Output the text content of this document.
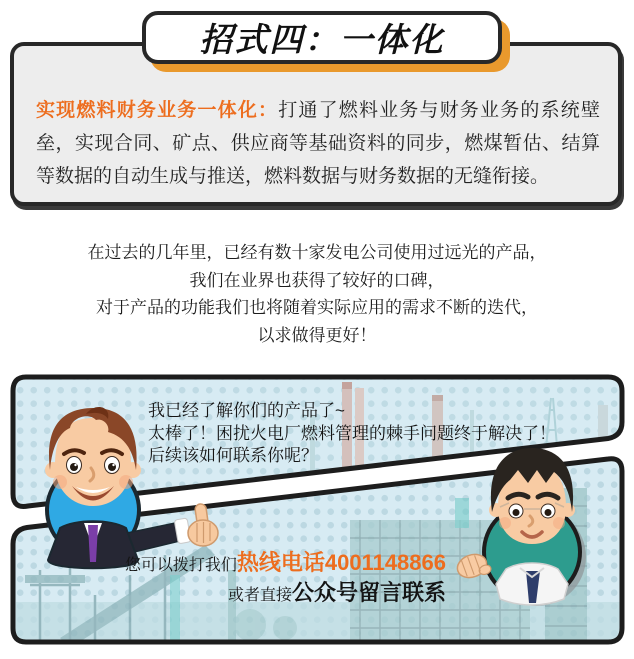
实现燃料财务业务一体化：打通了燃料业务与财务业务的系统壁垒，实现合同、矿点、供应商等基础资料的同步，燃煤暂估、结算等数据的自动生成与推送，燃料数据与财务数据的无缝衔接。
招式四：一体化
在过去的几年里，已经有数十家发电公司使用过远光的产品，
我们在业界也获得了较好的口碑，
对于产品的功能我们也将随着实际应用的需求不断的迭代，
以求做得更好！
我已经了解你们的产品了~
太棒了！困扰火电厂燃料管理的棘手问题终于解决了！
后续该如何联系你呢？
您可以拨打我们热线电话4001148866
或者直接公众号留言联系
